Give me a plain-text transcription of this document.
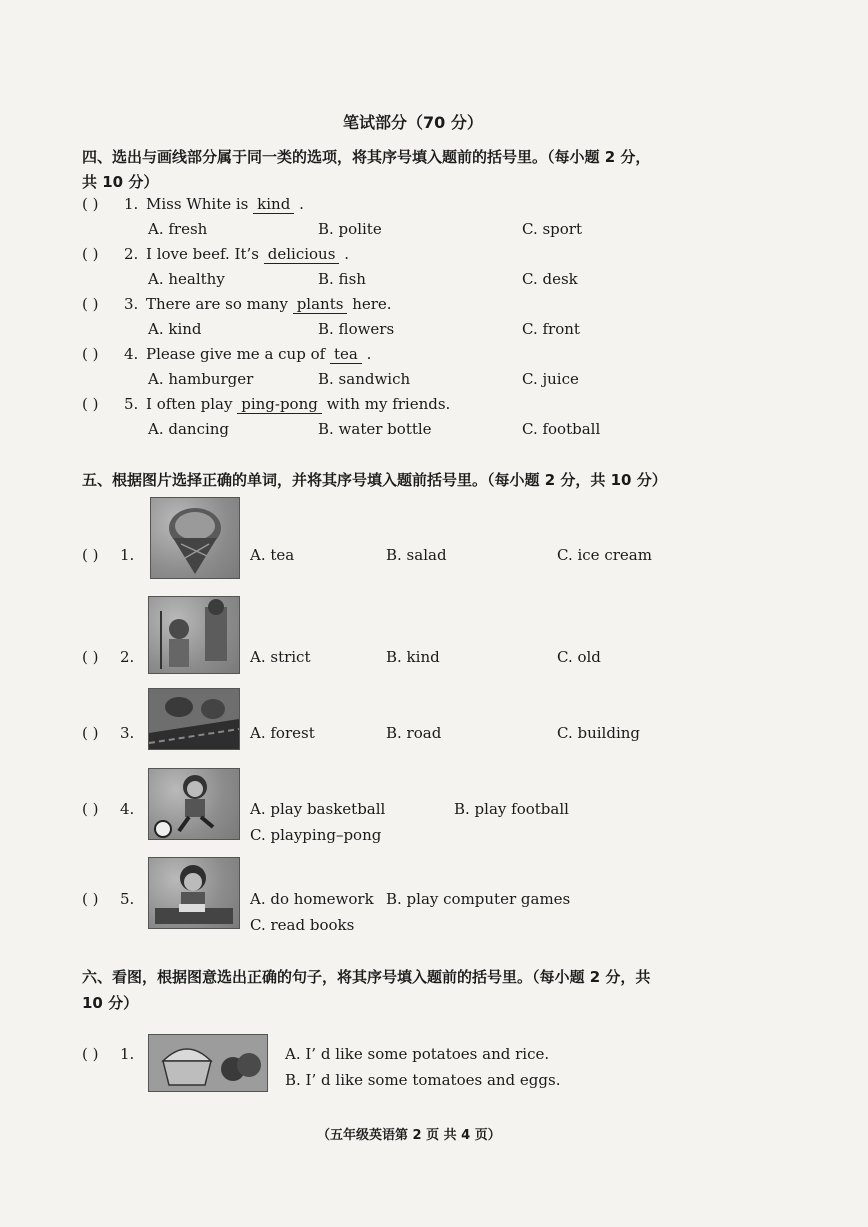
笔试部分（70 分）
四、选出与画线部分属于同一类的选项，将其序号填入题前的括号里。（每小题 2 分，
共 10 分）
( ) 1. Miss White is kind .
A. fresh	B. polite	C. sport
( ) 2. I love beef. It’s delicious .
A. healthy	B. fish	C. desk
( ) 3. There are so many plants here.
A. kind	B. flowers	C. front
( ) 4. Please give me a cup of tea .
A. hamburger	B. sandwich	C. juice
( ) 5. I often play ping-pong with my friends.
A. dancing	B. water bottle	C. football
五、根据图片选择正确的单词，并将其序号填入题前括号里。（每小题 2 分，共 10 分）
( ) 1.	A. tea	B. salad	C. ice cream
( ) 2.	A. strict	B. kind	C. old
( ) 3.	A. forest	B. road	C. building
( ) 4.	A. play basketball	B. play football
C. playping–pong
( ) 5.	A. do homework B. play computer games
C. read books
六、看图，根据图意选出正确的句子，将其序号填入题前的括号里。（每小题 2 分，共
10 分）
( ) 1.	A. I’ d like some potatoes and rice.
B. I’ d like some tomatoes and eggs.
（五年级英语第 2 页 共 4 页）
